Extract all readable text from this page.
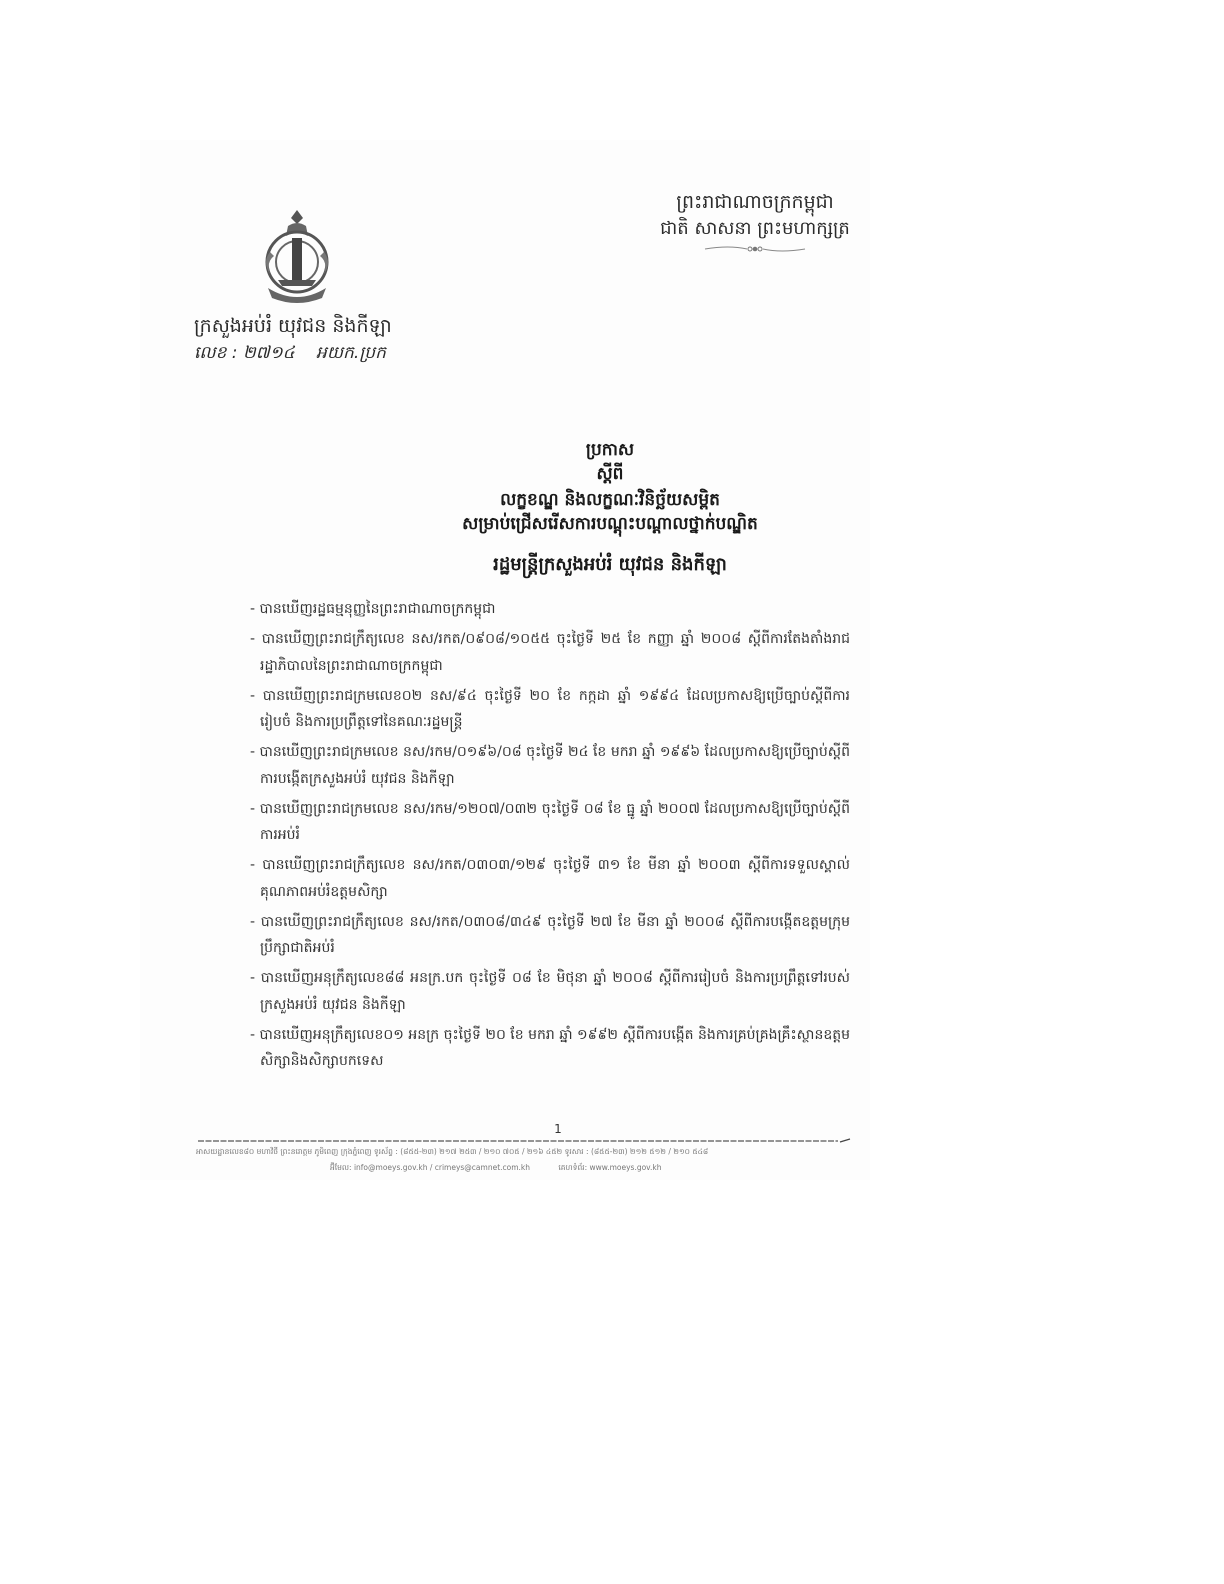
ព្រះរាជាណាចក្រកម្ពុជា
ជាតិ សាសនា ព្រះមហាក្សត្រ
ក្រសួងអប់រំ យុវជន និងកីឡា
លេខ : ២៧១៤ អយក.ប្រក
ប្រកាស
ស្ដីពី
លក្ខខណ្ឌ និងលក្ខណៈវិនិច្ឆ័យសម្ពិត
សម្រាប់ជ្រើសរើសការបណ្ដុះបណ្ដាលថ្នាក់បណ្ឌិត
រដ្ឋមន្ត្រីក្រសួងអប់រំ យុវជន និងកីឡា
- បានឃើញរដ្ឋធម្មនុញ្ញនៃព្រះរាជាណាចក្រកម្ពុជា
- បានឃើញព្រះរាជក្រឹត្យលេខ នស/រកត/០៩០៨/១០៥៥ ចុះថ្ងៃទី ២៥ ខែ កញ្ញា ឆ្នាំ ២០០៨ ស្ដីពីការតែងតាំងរាជរដ្ឋាភិបាលនៃព្រះរាជាណាចក្រកម្ពុជា
- បានឃើញព្រះរាជក្រមលេខ០២ នស/៩៤ ចុះថ្ងៃទី ២០ ខែ កក្កដា ឆ្នាំ ១៩៩៤ ដែលប្រកាសឱ្យប្រើច្បាប់ស្ដីពីការរៀបចំ និងការប្រព្រឹត្តទៅនៃគណៈរដ្ឋមន្ត្រី
- បានឃើញព្រះរាជក្រមលេខ នស/រកម/០១៩៦/០៨ ចុះថ្ងៃទី ២៤ ខែ មករា ឆ្នាំ ១៩៩៦ ដែលប្រកាសឱ្យប្រើច្បាប់ស្ដីពីការបង្កើតក្រសួងអប់រំ យុវជន និងកីឡា
- បានឃើញព្រះរាជក្រមលេខ នស/រកម/១២០៧/០៣២ ចុះថ្ងៃទី ០៨ ខែ ធ្នូ ឆ្នាំ ២០០៧ ដែលប្រកាសឱ្យប្រើច្បាប់ស្ដីពីការអប់រំ
- បានឃើញព្រះរាជក្រឹត្យលេខ នស/រកត/០៣០៣/១២៩ ចុះថ្ងៃទី ៣១ ខែ មីនា ឆ្នាំ ២០០៣ ស្ដីពីការទទួលស្គាល់គុណភាពអប់រំឧត្តមសិក្សា
- បានឃើញព្រះរាជក្រឹត្យលេខ នស/រកត/០៣០៨/៣៤៩ ចុះថ្ងៃទី ២៧ ខែ មីនា ឆ្នាំ ២០០៨ ស្ដីពីការបង្កើតឧត្តមក្រុមប្រឹក្សាជាតិអប់រំ
- បានឃើញអនុក្រឹត្យលេខ៨៨ អនក្រ.បក ចុះថ្ងៃទី ០៨ ខែ មិថុនា ឆ្នាំ ២០០៨ ស្ដីពីការរៀបចំ និងការប្រព្រឹត្តទៅរបស់ក្រសួងអប់រំ យុវជន និងកីឡា
- បានឃើញអនុក្រឹត្យលេខ០១ អនក្រ ចុះថ្ងៃទី ២០ ខែ មករា ឆ្នាំ ១៩៩២ ស្ដីពីការបង្កើត និងការគ្រប់គ្រងគ្រឹះស្ថានឧត្តមសិក្សានិងសិក្សាបកទេស
1
អាសយដ្ឋានលេខ៨០ មហាវិថី ព្រះនរោត្តម ភូមិពេញ ក្រុងភ្នំពេញ ទូរស័ព្ទ : (៨៥៥-២៣) ២១៧ ២៥៣ / ២១០ ៧០៥ / ២១៦ ៤៥២ ទូរសារ : (៨៥៥-២៣) ២១២ ៥១២ / ២១០ ៥៤៨
អ៊ីមែល: info@moeys.gov.kh / crimeys@camnet.com.kh	គេហទំព័រ: www.moeys.gov.kh
